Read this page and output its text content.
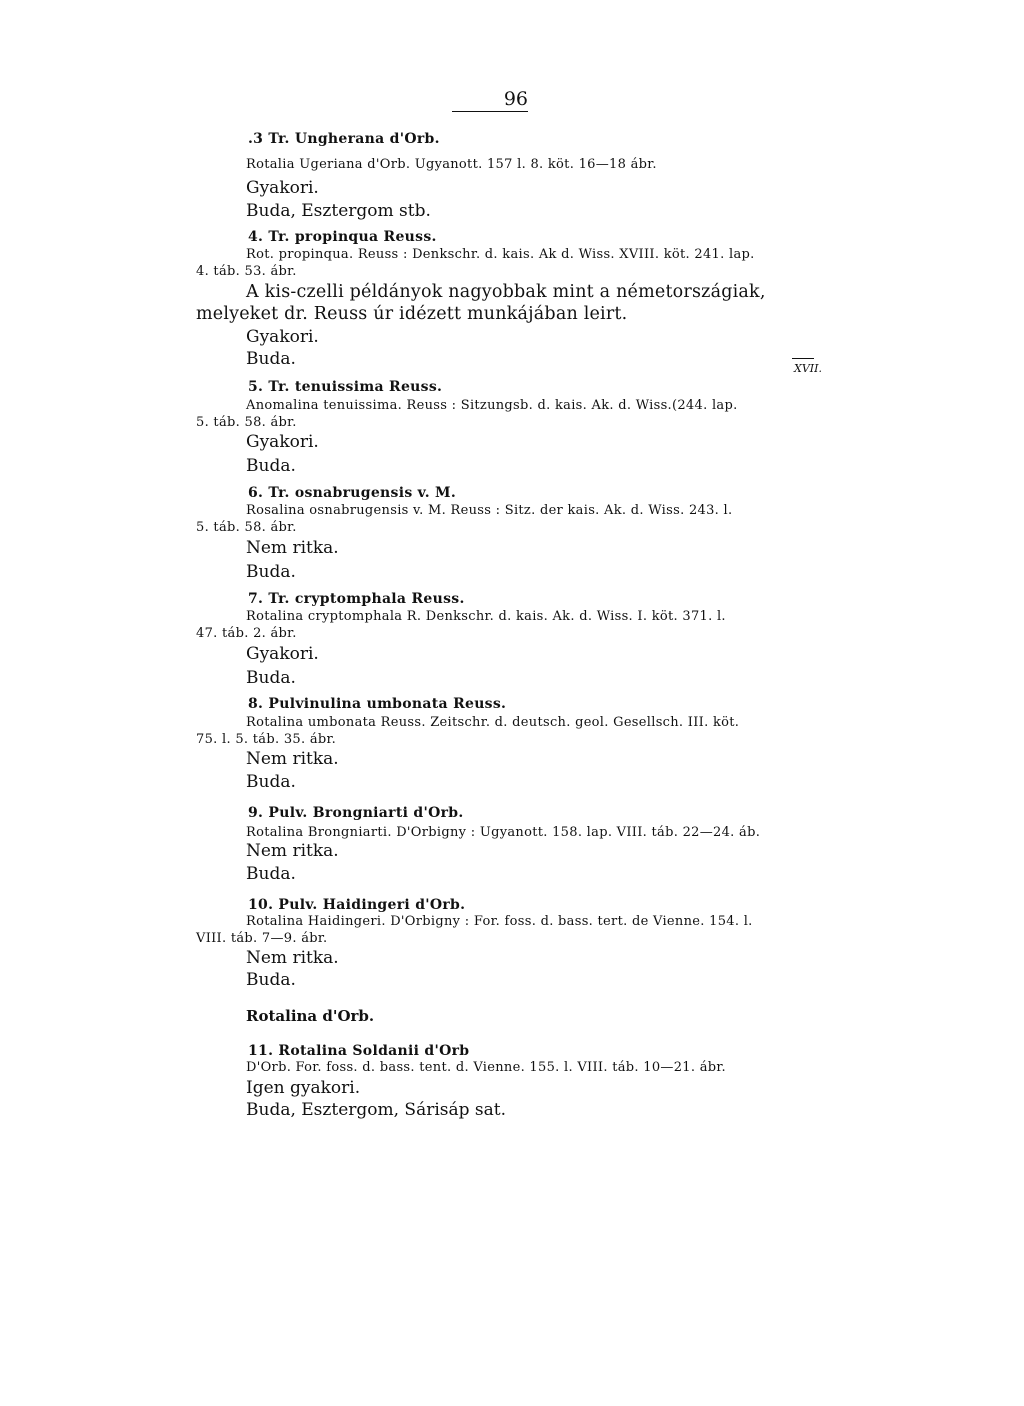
96
XVII.
.3 Tr. Ungherana d'Orb.
Rotalia Ugeriana d'Orb. Ugyanott. 157 l. 8. köt. 16—18 ábr.
Gyakori.
Buda, Esztergom stb.
4. Tr. propinqua Reuss.
Rot. propinqua. Reuss : Denkschr. d. kais. Ak d. Wiss. XVIII. köt. 241. lap.
4. táb. 53. ábr.
A kis-czelli példányok nagyobbak mint a németországiak,
melyeket dr. Reuss úr idézett munkájában leirt.
Gyakori.
Buda.
5. Tr. tenuissima Reuss.
Anomalina tenuissima. Reuss : Sitzungsb. d. kais. Ak. d. Wiss.(244. lap.
5. táb. 58. ábr.
Gyakori.
Buda.
6. Tr. osnabrugensis v. M.
Rosalina osnabrugensis v. M. Reuss : Sitz. der kais. Ak. d. Wiss. 243. l.
5. táb. 58. ábr.
Nem ritka.
Buda.
7. Tr. cryptomphala Reuss.
Rotalina cryptomphala R. Denkschr. d. kais. Ak. d. Wiss. I. köt. 371. l.
47. táb. 2. ábr.
Gyakori.
Buda.
8. Pulvinulina umbonata Reuss.
Rotalina umbonata Reuss. Zeitschr. d. deutsch. geol. Gesellsch. III. köt.
75. l. 5. táb. 35. ábr.
Nem ritka.
Buda.
9. Pulv. Brongniarti d'Orb.
Rotalina Brongniarti. D'Orbigny : Ugyanott. 158. lap. VIII. táb. 22—24. áb.
Nem ritka.
Buda.
10. Pulv. Haidingeri d'Orb.
Rotalina Haidingeri. D'Orbigny : For. foss. d. bass. tert. de Vienne. 154. l.
VIII. táb. 7—9. ábr.
Nem ritka.
Buda.
Rotalina d'Orb.
11. Rotalina Soldanii d'Orb
D'Orb. For. foss. d. bass. tent. d. Vienne. 155. l. VIII. táb. 10—21. ábr.
Igen gyakori.
Buda, Esztergom, Sárisáp sat.
